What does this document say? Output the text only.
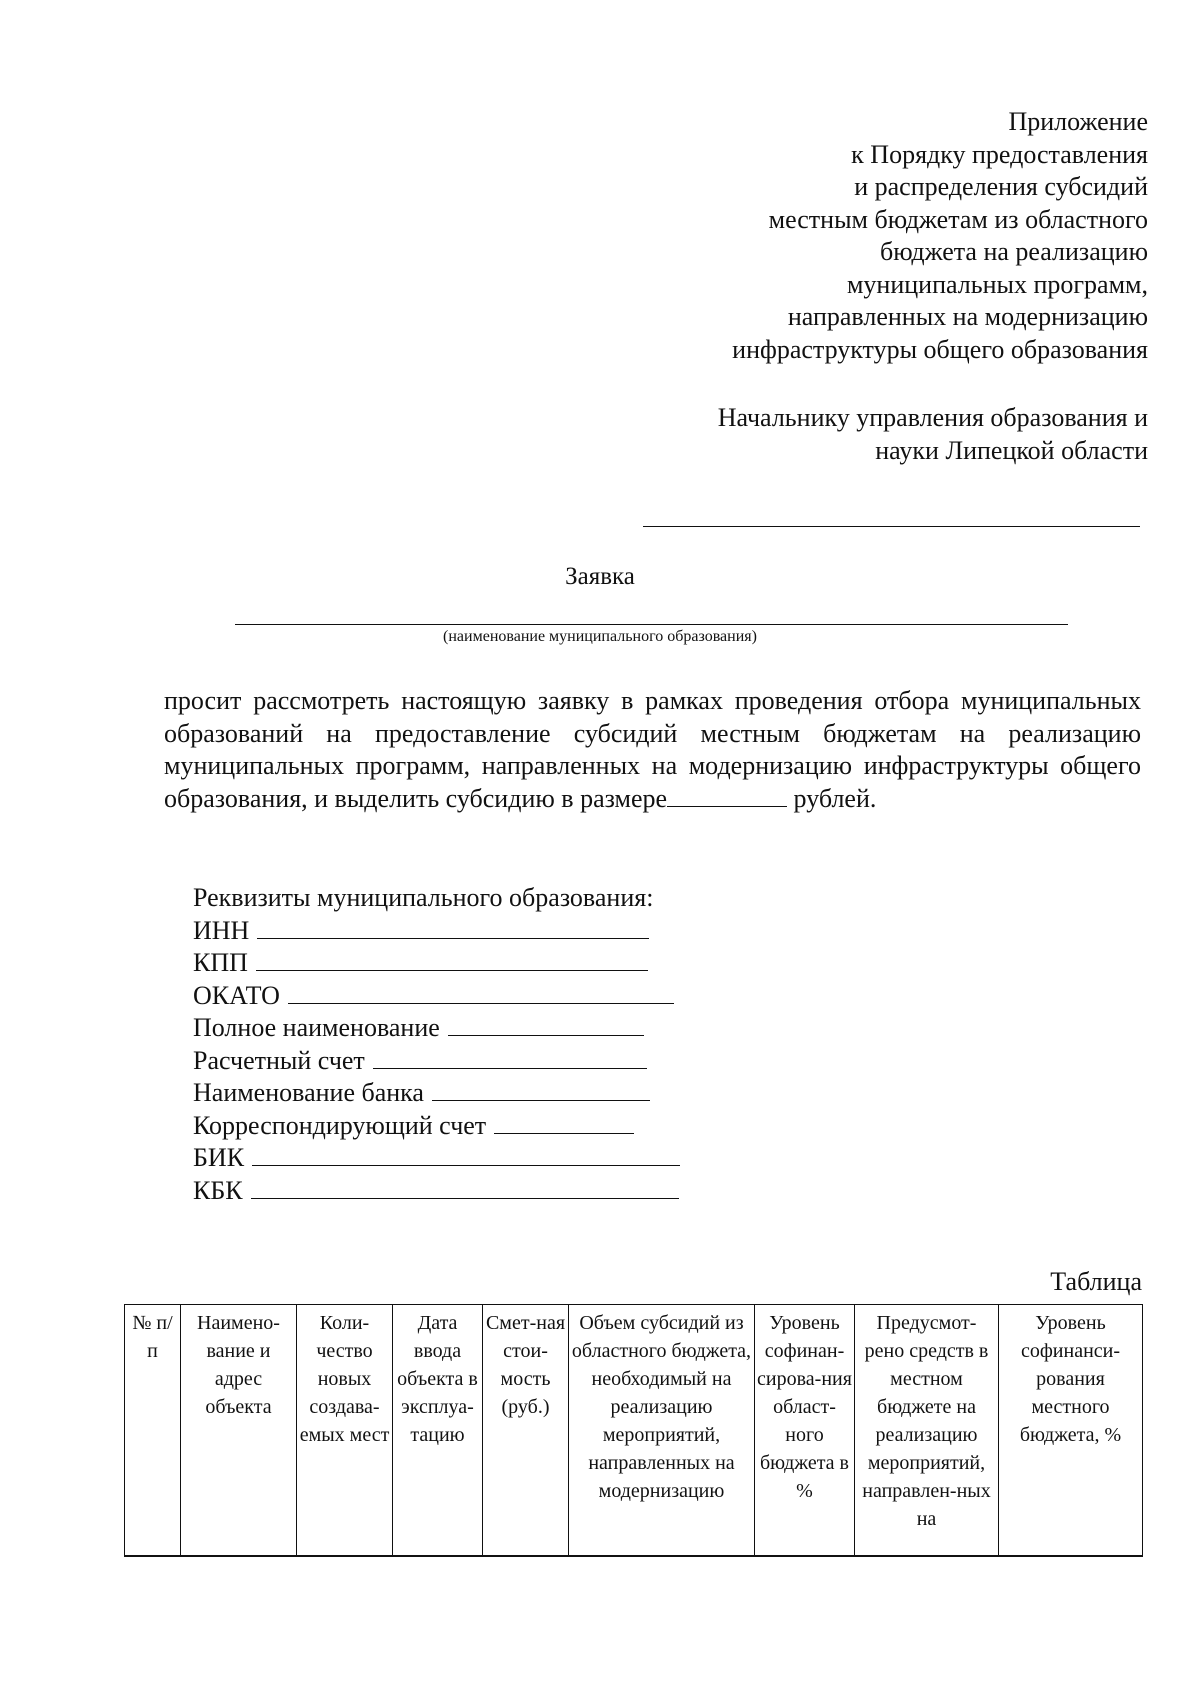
Приложение
к Порядку предоставления
и распределения субсидий
местным бюджетам из областного
бюджета на реализацию
муниципальных программ,
направленных на модернизацию
инфраструктуры общего образования
Начальнику управления образования и
науки Липецкой области
Заявка
(наименование муниципального образования)

просит рассмотреть настоящую заявку в рамках проведения отбора муниципальных образований на предоставление субсидий местным бюджетам на реализацию муниципальных программ, направленных на модернизацию инфраструктуры общего образования, и выделить субсидию в размере	рублей.

Реквизиты муниципального образования:
ИНН
КПП
ОКАТО
Полное наименование
Расчетный счет
Наименование банка
Корреспондирующий счет
БИК
КБК
Таблица
№ п/п	Наимено-вание и адрес объекта	Коли-чество новых создава-емых мест	Дата ввода объекта в эксплуа-тацию	Смет-ная стои-мость (руб.)	Объем субсидий из областного бюджета, необходимый на реализацию мероприятий, направленных на модернизацию	Уровень софинан-сирова-ния област-ного бюджета в %	Предусмот-рено средств в местном бюджете на реализацию мероприятий, направлен-ных на	Уровень софинанси-рования местного бюджета, %
